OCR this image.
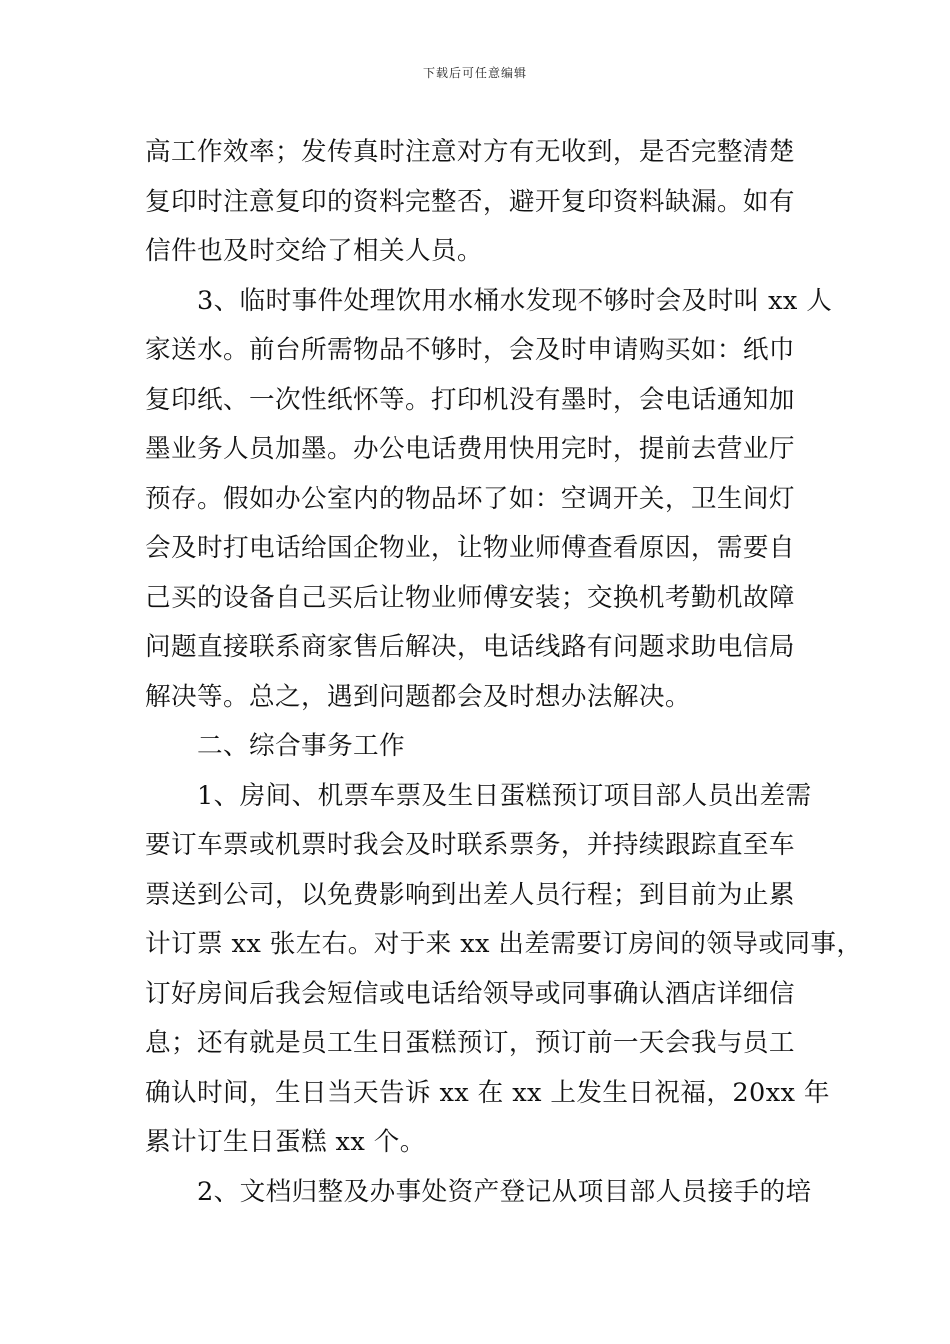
下载后可任意编辑
高工作效率；发传真时注意对方有无收到，是否完整清楚
复印时注意复印的资料完整否，避开复印资料缺漏。如有
信件也及时交给了相关人员。
3、临时事件处理饮用水桶水发现不够时会及时叫 xx 人
家送水。前台所需物品不够时，会及时申请购买如：纸巾
复印纸、一次性纸怀等。打印机没有墨时，会电话通知加
墨业务人员加墨。办公电话费用快用完时，提前去营业厅
预存。假如办公室内的物品坏了如：空调开关，卫生间灯
会及时打电话给国企物业，让物业师傅查看原因，需要自
己买的设备自己买后让物业师傅安装；交换机考勤机故障
问题直接联系商家售后解决，电话线路有问题求助电信局
解决等。总之，遇到问题都会及时想办法解决。
二、综合事务工作
1、房间、机票车票及生日蛋糕预订项目部人员出差需
要订车票或机票时我会及时联系票务，并持续跟踪直至车
票送到公司，以免费影响到出差人员行程；到目前为止累
计订票 xx 张左右。对于来 xx 出差需要订房间的领导或同事，
订好房间后我会短信或电话给领导或同事确认酒店详细信
息；还有就是员工生日蛋糕预订，预订前一天会我与员工
确认时间，生日当天告诉 xx 在 xx 上发生日祝福，20xx 年
累计订生日蛋糕 xx 个。
2、文档归整及办事处资产登记从项目部人员接手的培
